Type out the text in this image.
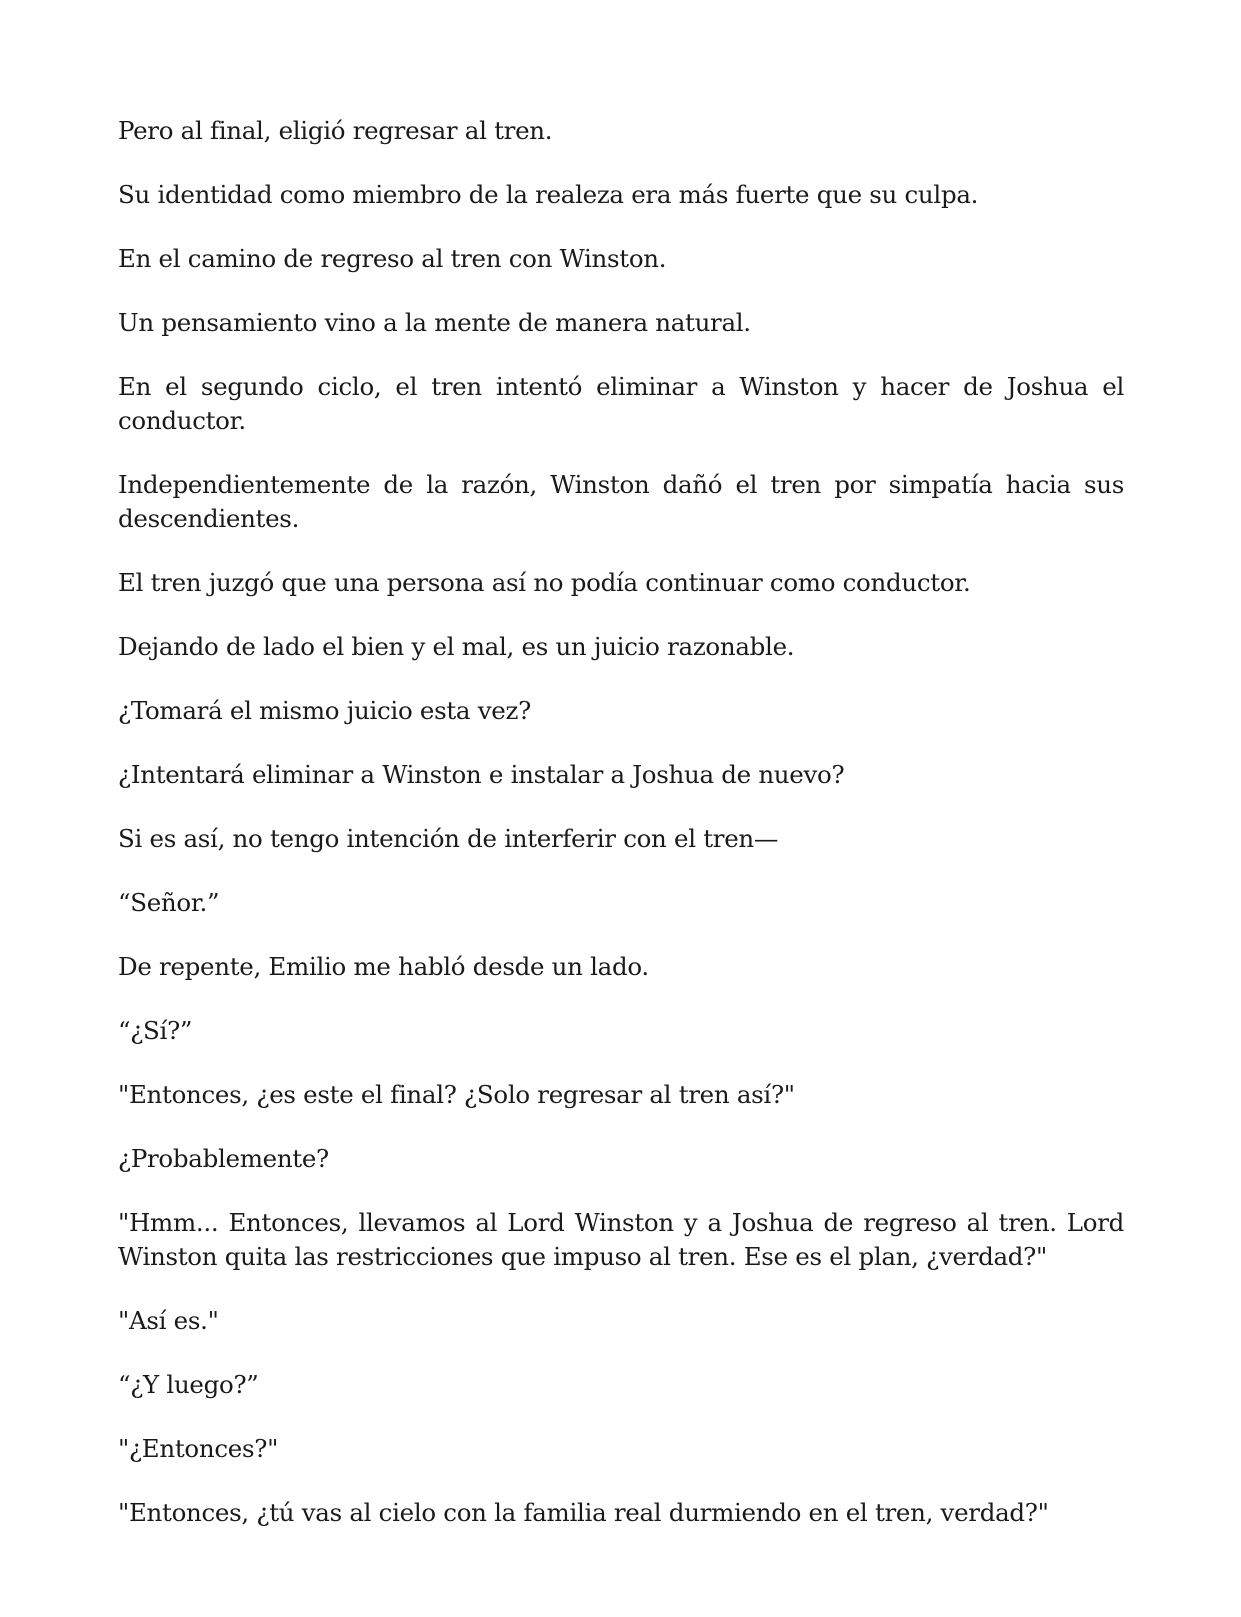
Pero al final, eligió regresar al tren.

Su identidad como miembro de la realeza era más fuerte que su culpa.

En el camino de regreso al tren con Winston.

Un pensamiento vino a la mente de manera natural.

En el segundo ciclo, el tren intentó eliminar a Winston y hacer de Joshua el conductor.

Independientemente de la razón, Winston dañó el tren por simpatía hacia sus descendientes.

El tren juzgó que una persona así no podía continuar como conductor.

Dejando de lado el bien y el mal, es un juicio razonable.

¿Tomará el mismo juicio esta vez?

¿Intentará eliminar a Winston e instalar a Joshua de nuevo?

Si es así, no tengo intención de interferir con el tren—

“Señor.”

De repente, Emilio me habló desde un lado.

“¿Sí?”

"Entonces, ¿es este el final? ¿Solo regresar al tren así?"

¿Probablemente?

"Hmm... Entonces, llevamos al Lord Winston y a Joshua de regreso al tren. Lord Winston quita las restricciones que impuso al tren. Ese es el plan, ¿verdad?"

"Así es."

“¿Y luego?”

"¿Entonces?"

"Entonces, ¿tú vas al cielo con la familia real durmiendo en el tren, verdad?"
